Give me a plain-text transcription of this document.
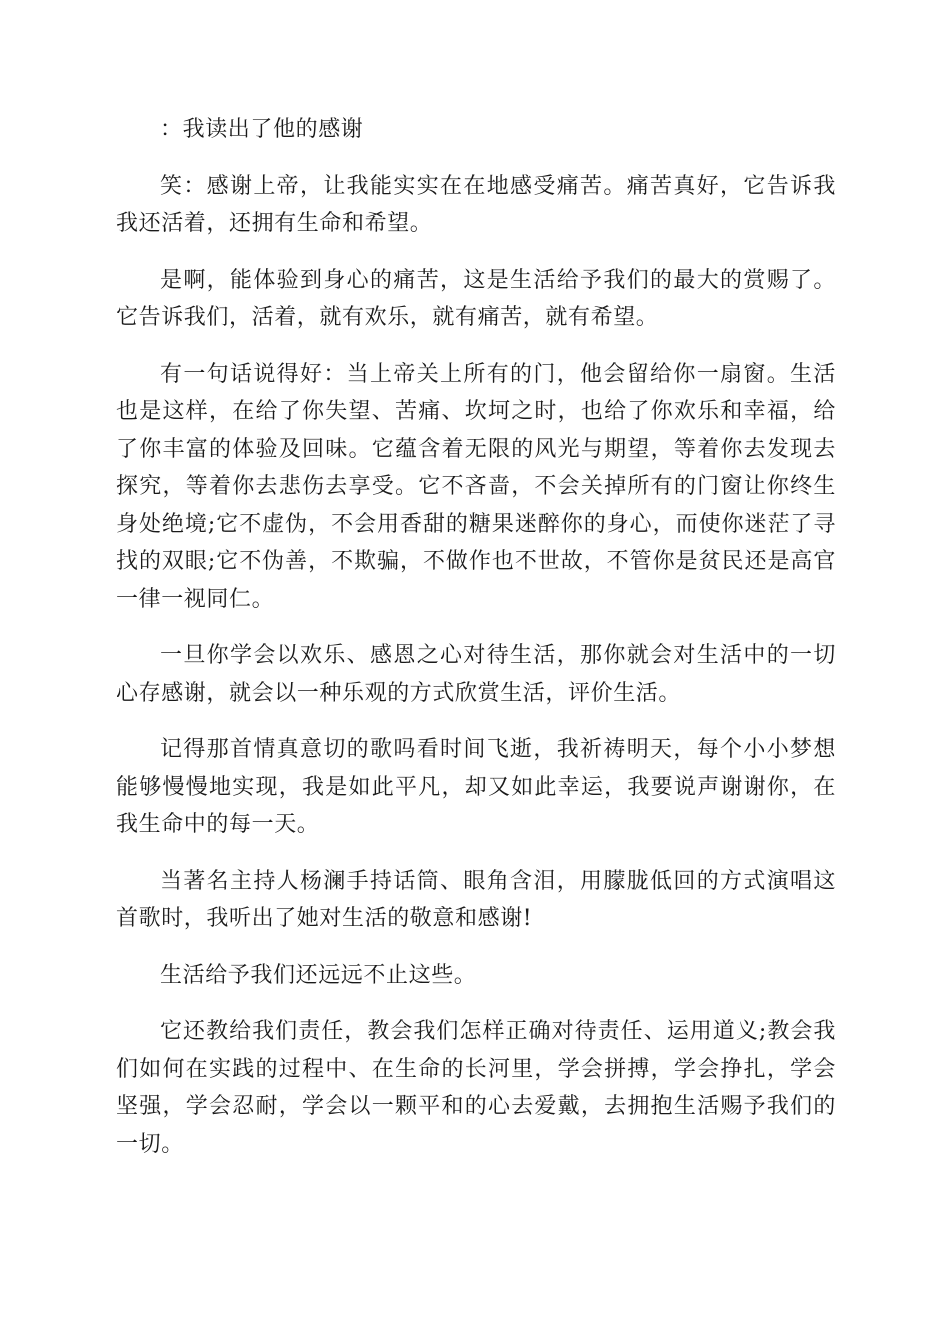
：我读出了他的感谢

笑：感谢上帝，让我能实实在在地感受痛苦。痛苦真好，它告诉我我还活着，还拥有生命和希望。

是啊，能体验到身心的痛苦，这是生活给予我们的最大的赏赐了。它告诉我们，活着，就有欢乐，就有痛苦，就有希望。

有一句话说得好：当上帝关上所有的门，他会留给你一扇窗。生活也是这样，在给了你失望、苦痛、坎坷之时，也给了你欢乐和幸福，给了你丰富的体验及回味。它蕴含着无限的风光与期望，等着你去发现去探究，等着你去悲伤去享受。它不吝啬，不会关掉所有的门窗让你终生身处绝境;它不虚伪，不会用香甜的糖果迷醉你的身心，而使你迷茫了寻找的双眼;它不伪善，不欺骗，不做作也不世故，不管你是贫民还是高官一律一视同仁。

一旦你学会以欢乐、感恩之心对待生活，那你就会对生活中的一切心存感谢，就会以一种乐观的方式欣赏生活，评价生活。

记得那首情真意切的歌吗看时间飞逝，我祈祷明天，每个小小梦想能够慢慢地实现，我是如此平凡，却又如此幸运，我要说声谢谢你，在我生命中的每一天。

当著名主持人杨澜手持话筒、眼角含泪，用朦胧低回的方式演唱这首歌时，我听出了她对生活的敬意和感谢!

生活给予我们还远远不止这些。

它还教给我们责任，教会我们怎样正确对待责任、运用道义;教会我们如何在实践的过程中、在生命的长河里，学会拼搏，学会挣扎，学会坚强，学会忍耐，学会以一颗平和的心去爱戴，去拥抱生活赐予我们的一切。
